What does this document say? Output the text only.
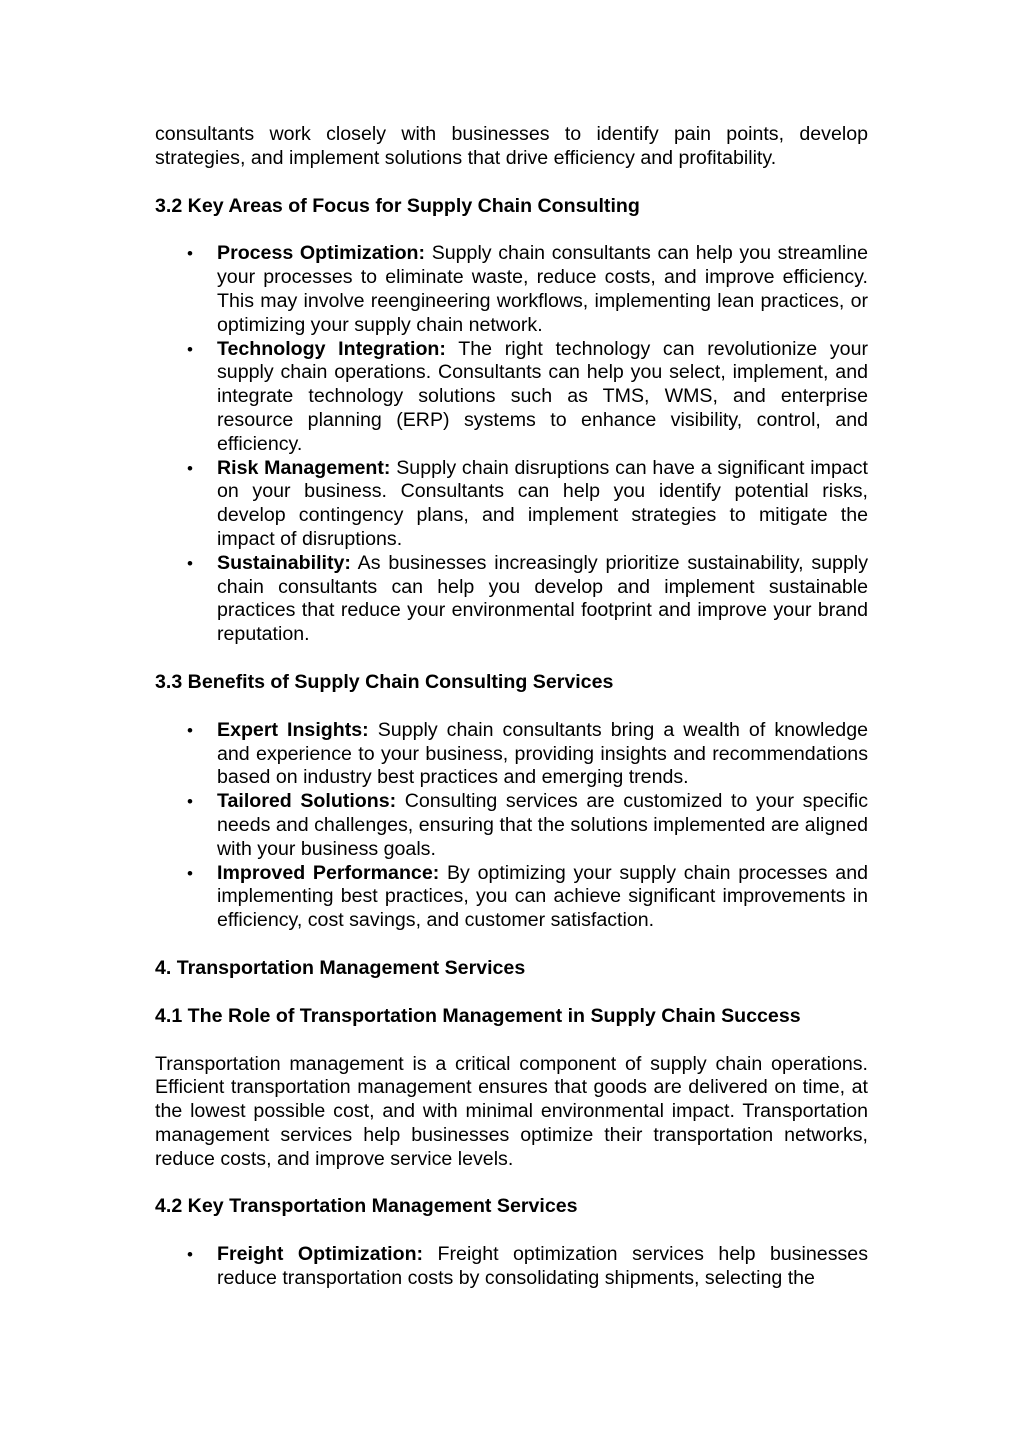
consultants work closely with businesses to identify pain points, develop strategies, and implement solutions that drive efficiency and profitability.

3.2 Key Areas of Focus for Supply Chain Consulting

• Process Optimization: Supply chain consultants can help you streamline your processes to eliminate waste, reduce costs, and improve efficiency. This may involve reengineering workflows, implementing lean practices, or optimizing your supply chain network.
• Technology Integration: The right technology can revolutionize your supply chain operations. Consultants can help you select, implement, and integrate technology solutions such as TMS, WMS, and enterprise resource planning (ERP) systems to enhance visibility, control, and efficiency.
• Risk Management: Supply chain disruptions can have a significant impact on your business. Consultants can help you identify potential risks, develop contingency plans, and implement strategies to mitigate the impact of disruptions.
• Sustainability: As businesses increasingly prioritize sustainability, supply chain consultants can help you develop and implement sustainable practices that reduce your environmental footprint and improve your brand reputation.

3.3 Benefits of Supply Chain Consulting Services

• Expert Insights: Supply chain consultants bring a wealth of knowledge and experience to your business, providing insights and recommendations based on industry best practices and emerging trends.
• Tailored Solutions: Consulting services are customized to your specific needs and challenges, ensuring that the solutions implemented are aligned with your business goals.
• Improved Performance: By optimizing your supply chain processes and implementing best practices, you can achieve significant improvements in efficiency, cost savings, and customer satisfaction.

4. Transportation Management Services

4.1 The Role of Transportation Management in Supply Chain Success

Transportation management is a critical component of supply chain operations. Efficient transportation management ensures that goods are delivered on time, at the lowest possible cost, and with minimal environmental impact. Transportation management services help businesses optimize their transportation networks, reduce costs, and improve service levels.

4.2 Key Transportation Management Services

• Freight Optimization: Freight optimization services help businesses reduce transportation costs by consolidating shipments, selecting the
